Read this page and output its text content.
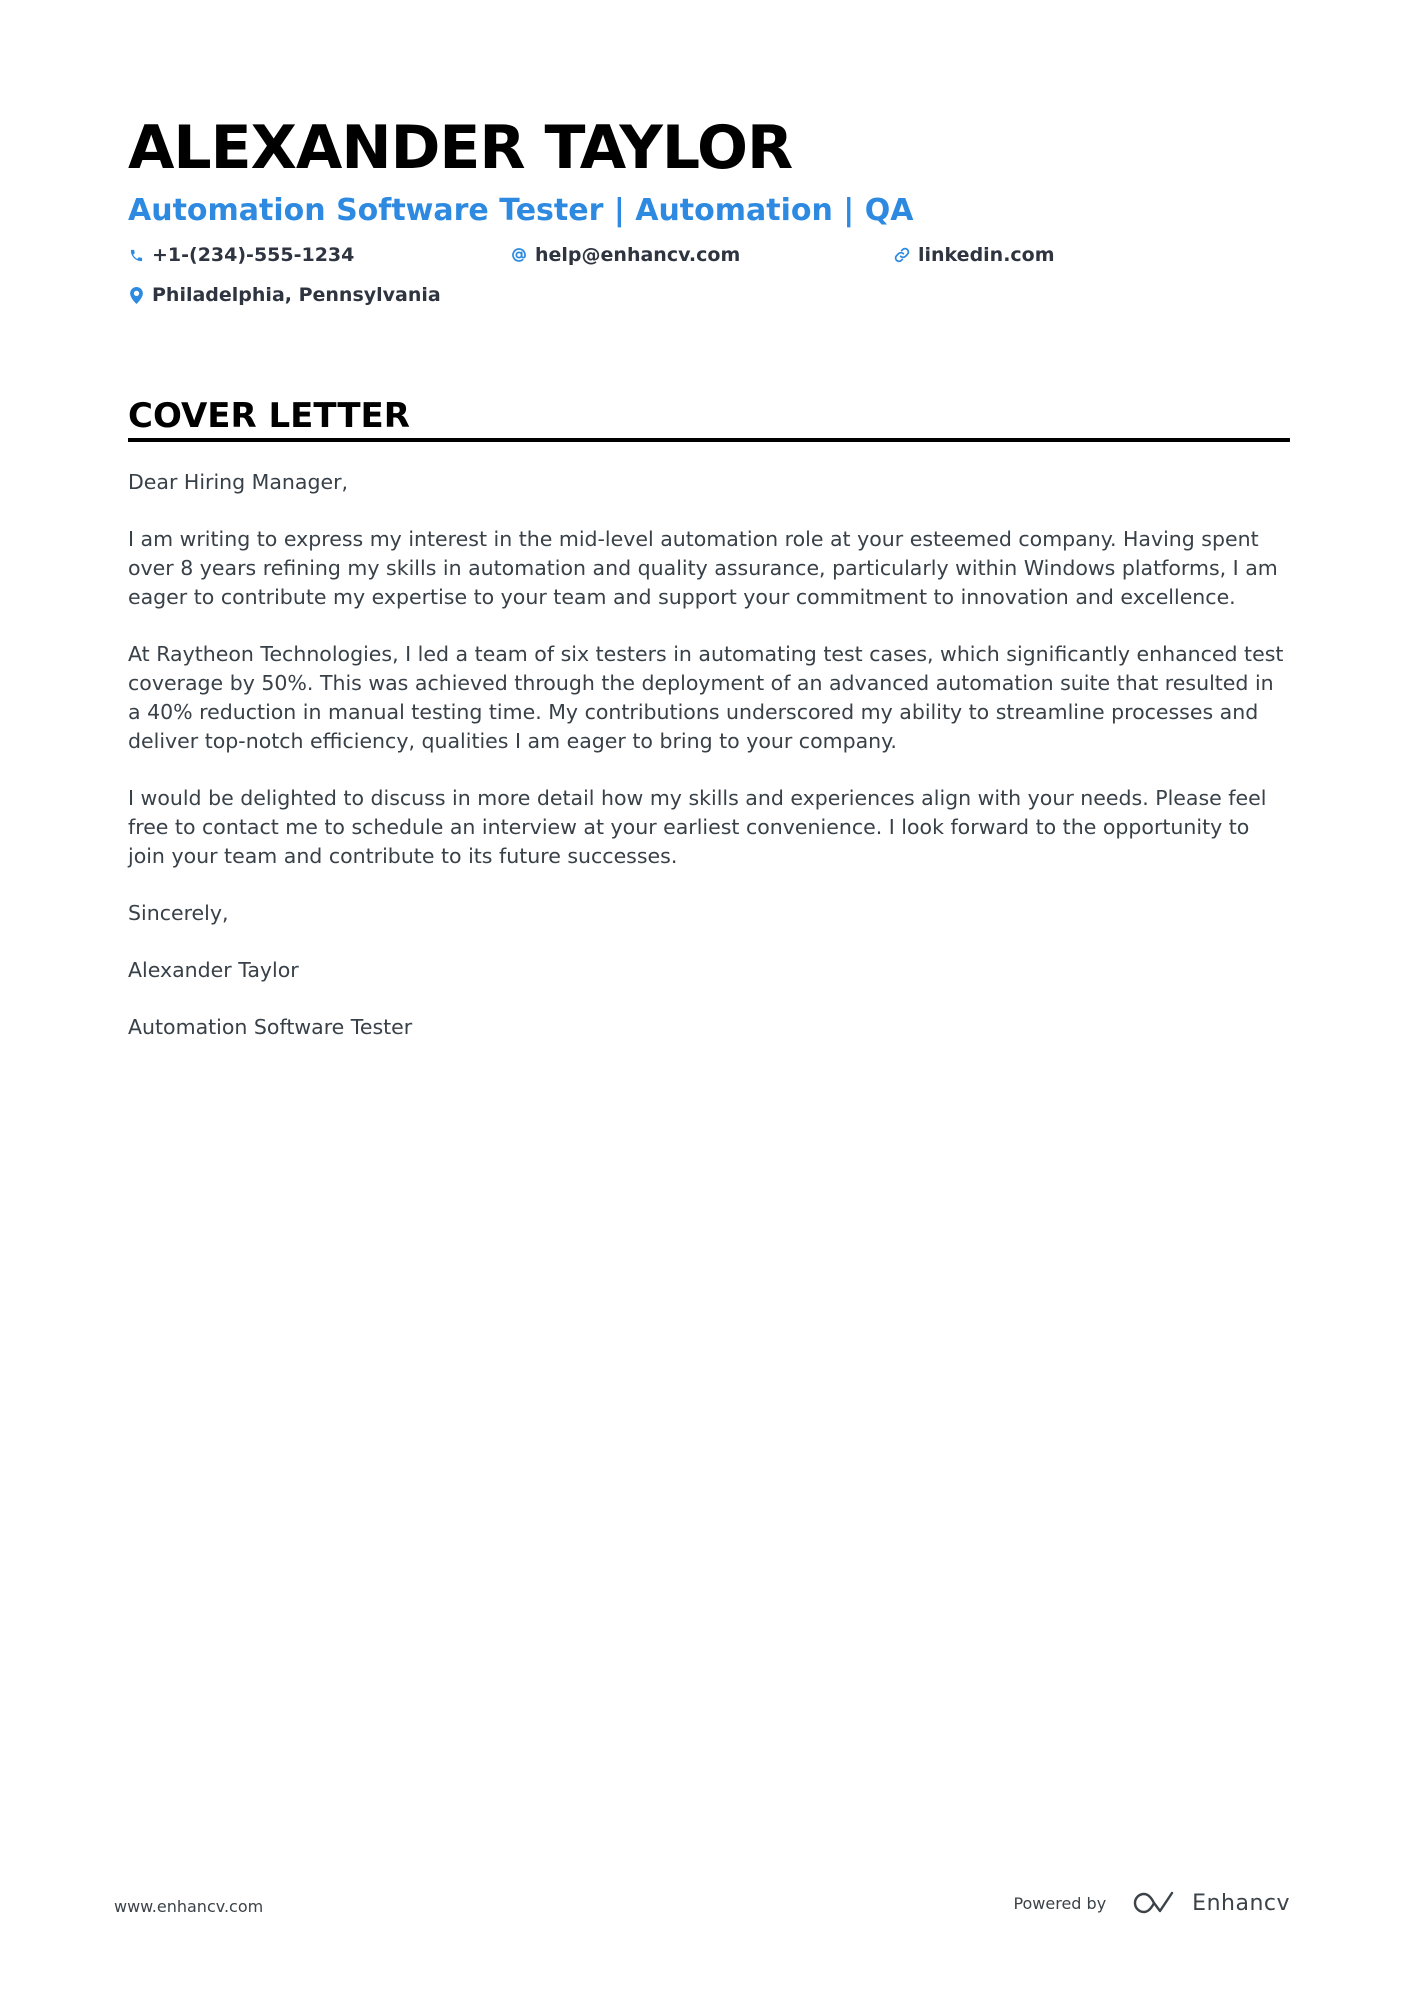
ALEXANDER TAYLOR
Automation Software Tester | Automation | QA
+1-(234)-555-1234	help@enhancv.com	linkedin.com
Philadelphia, Pennsylvania
COVER LETTER

Dear Hiring Manager,

I am writing to express my interest in the mid-level automation role at your esteemed company. Having spent over 8 years refining my skills in automation and quality assurance, particularly within Windows platforms, I am eager to contribute my expertise to your team and support your commitment to innovation and excellence.

At Raytheon Technologies, I led a team of six testers in automating test cases, which significantly enhanced test coverage by 50%. This was achieved through the deployment of an advanced automation suite that resulted in a 40% reduction in manual testing time. My contributions underscored my ability to streamline processes and deliver top-notch efficiency, qualities I am eager to bring to your company.

I would be delighted to discuss in more detail how my skills and experiences align with your needs. Please feel free to contact me to schedule an interview at your earliest convenience. I look forward to the opportunity to join your team and contribute to its future successes.

Sincerely,

Alexander Taylor

Automation Software Tester

www.enhancv.com	Powered by	Enhancv
